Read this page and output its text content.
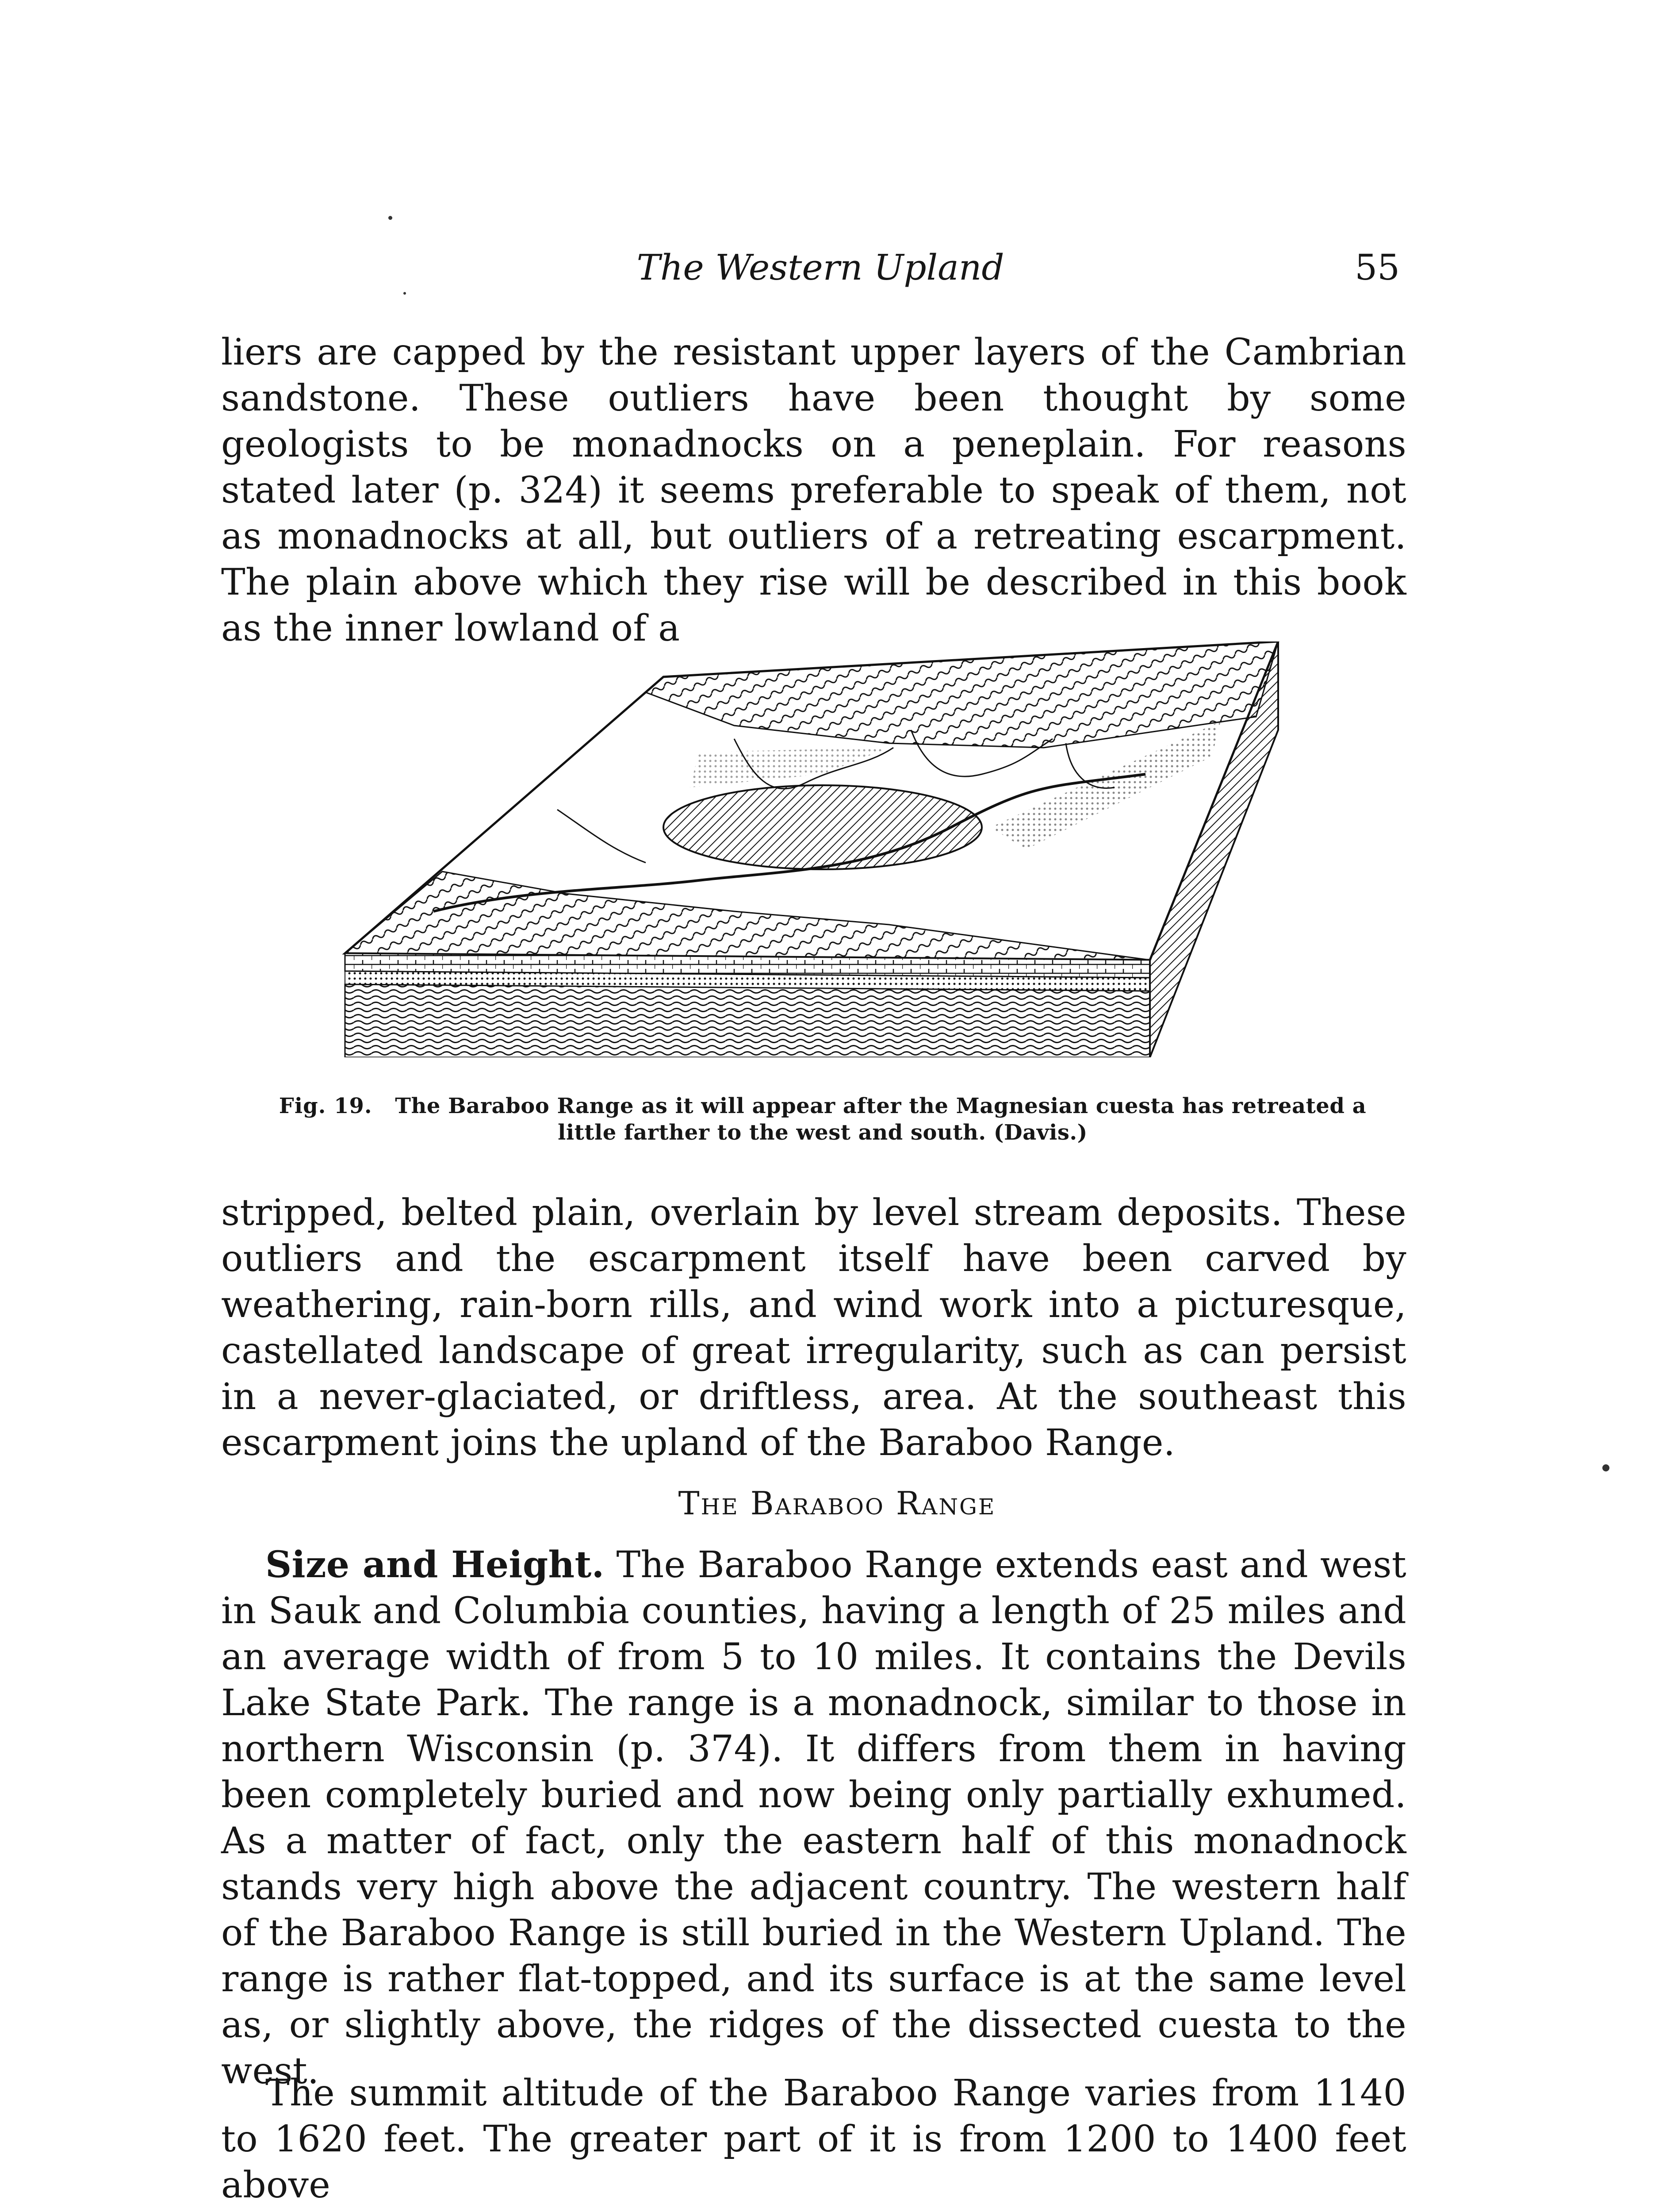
The Western Upland	55

liers are capped by the resistant upper layers of the Cambrian sandstone. These outliers have been thought by some geologists to be monadnocks on a peneplain. For reasons stated later (p. 324) it seems preferable to speak of them, not as monadnocks at all, but outliers of a retreating escarpment. The plain above which they rise will be described in this book as the inner lowland of a

Fig. 19. The Baraboo Range as it will appear after the Magnesian cuesta has retreated a little farther to the west and south. (Davis.)

stripped, belted plain, overlain by level stream deposits. These outliers and the escarpment itself have been carved by weathering, rain-born rills, and wind work into a picturesque, castellated landscape of great irregularity, such as can persist in a never-glaciated, or driftless, area. At the southeast this escarpment joins the upland of the Baraboo Range.

The Baraboo Range

Size and Height. The Baraboo Range extends east and west in Sauk and Columbia counties, having a length of 25 miles and an average width of from 5 to 10 miles. It contains the Devils Lake State Park. The range is a monadnock, similar to those in northern Wisconsin (p. 374). It differs from them in having been completely buried and now being only partially exhumed. As a matter of fact, only the eastern half of this monadnock stands very high above the adjacent country. The western half of the Baraboo Range is still buried in the Western Upland. The range is rather flat-topped, and its surface is at the same level as, or slightly above, the ridges of the dissected cuesta to the west.

The summit altitude of the Baraboo Range varies from 1140 to 1620 feet. The greater part of it is from 1200 to 1400 feet above
